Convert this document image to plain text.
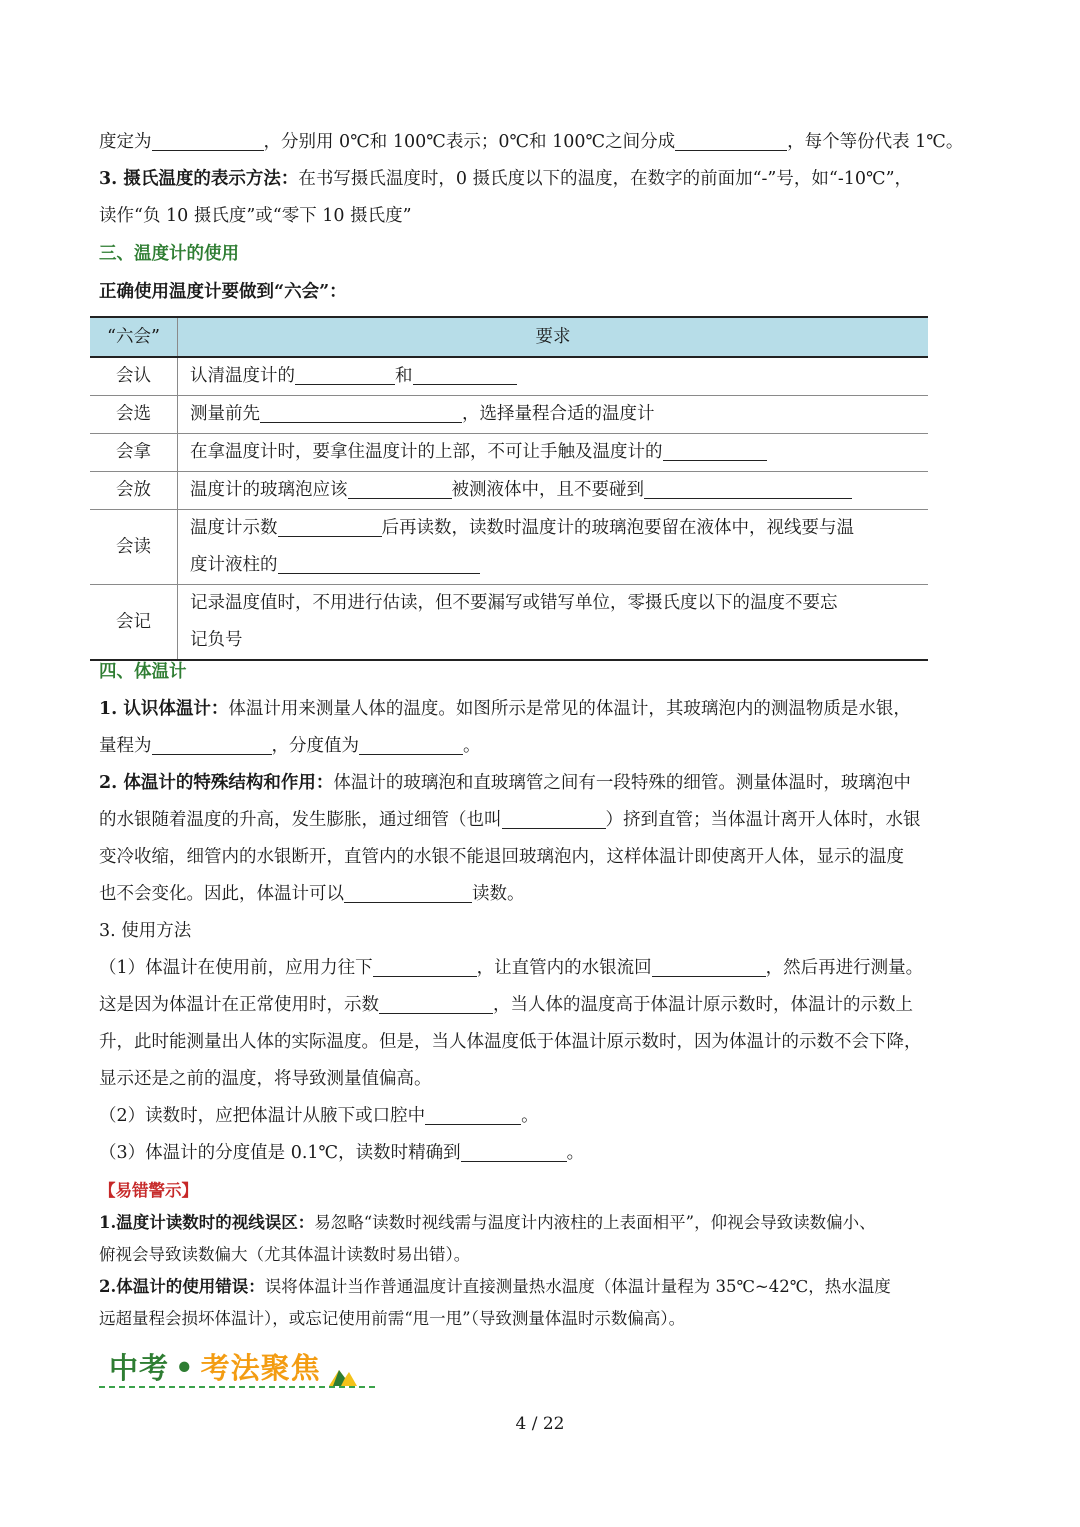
度定为	，分别用 0℃和 100℃表示；0℃和 100℃之间分成	，每个等份代表 1℃。
3. 摄氏温度的表示方法：在书写摄氏温度时，0 摄氏度以下的温度，在数字的前面加“-”号，如“-10℃”，
读作“负 10 摄氏度”或“零下 10 摄氏度”
三、温度计的使用
正确使用温度计要做到“六会”：
“六会”	要求
会认	认清温度计的 和
会选	测量前先 ，选择量程合适的温度计
会拿	在拿温度计时，要拿住温度计的上部，不可让手触及温度计的
会放	温度计的玻璃泡应该 被测液体中，且不要碰到
会读	温度计示数 后再读数，读数时温度计的玻璃泡要留在液体中，视线要与温
度计液柱的
会记	记录温度值时，不用进行估读，但不要漏写或错写单位，零摄氏度以下的温度不要忘
记负号
四、体温计
1. 认识体温计：体温计用来测量人体的温度。如图所示是常见的体温计，其玻璃泡内的测温物质是水银，
量程为	，分度值为	。
2. 体温计的特殊结构和作用：体温计的玻璃泡和直玻璃管之间有一段特殊的细管。测量体温时，玻璃泡中
的水银随着温度的升高，发生膨胀，通过细管（也叫	）挤到直管；当体温计离开人体时，水银
变冷收缩，细管内的水银断开，直管内的水银不能退回玻璃泡内，这样体温计即使离开人体，显示的温度
也不会变化。因此，体温计可以	读数。
3. 使用方法
（1）体温计在使用前，应用力往下	，让直管内的水银流回	，然后再进行测量。
这是因为体温计在正常使用时，示数	，当人体的温度高于体温计原示数时，体温计的示数上
升，此时能测量出人体的实际温度。但是，当人体温度低于体温计原示数时，因为体温计的示数不会下降，
显示还是之前的温度，将导致测量值偏高。
（2）读数时，应把体温计从腋下或口腔中	。
（3）体温计的分度值是 0.1℃，读数时精确到	。
【易错警示】
1.温度计读数时的视线误区：易忽略“读数时视线需与温度计内液柱的上表面相平”，仰视会导致读数偏小、
俯视会导致读数偏大（尤其体温计读数时易出错）。
2.体温计的使用错误：误将体温计当作普通温度计直接测量热水温度（体温计量程为 35℃~42℃，热水温度
远超量程会损坏体温计），或忘记使用前需“甩一甩”（导致测量体温时示数偏高）。
中考 • 考法聚焦
4 / 22
